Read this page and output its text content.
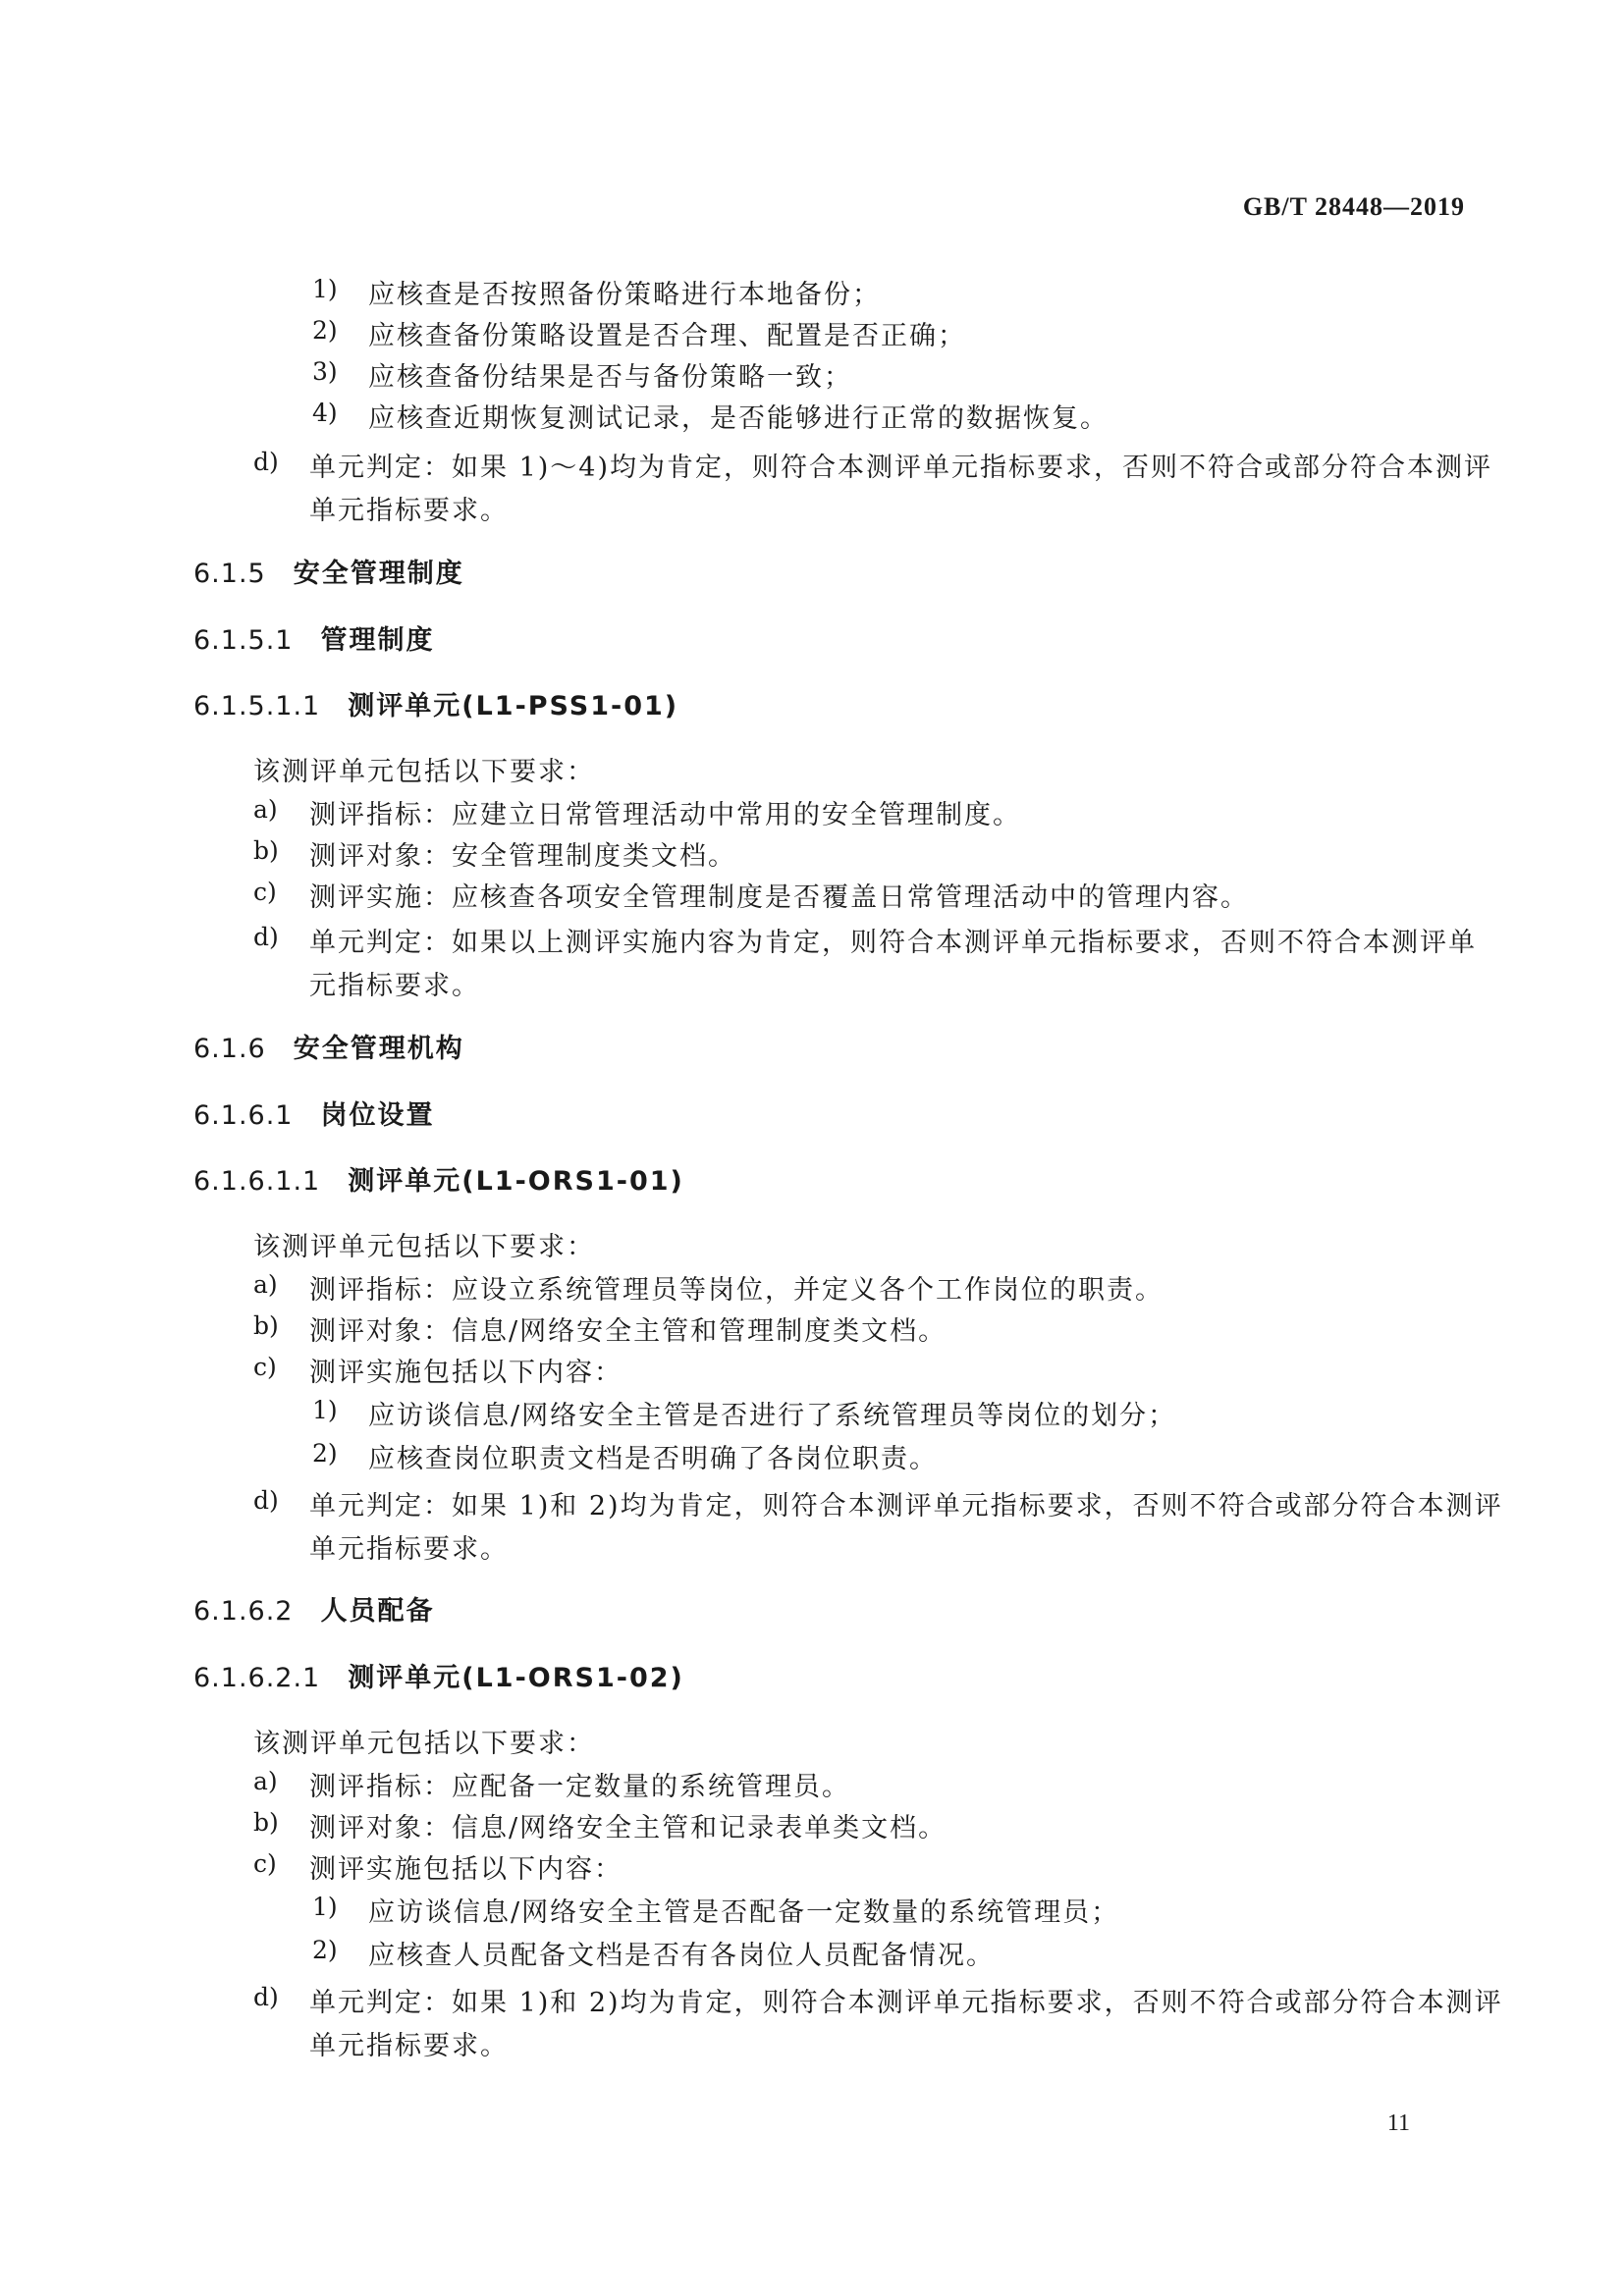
GB/T 28448—2019
1) 应核查是否按照备份策略进行本地备份；
2) 应核查备份策略设置是否合理、配置是否正确；
3) 应核查备份结果是否与备份策略一致；
4) 应核查近期恢复测试记录，是否能够进行正常的数据恢复。
d) 单元判定：如果 1)～4)均为肯定，则符合本测评单元指标要求，否则不符合或部分符合本测评
单元指标要求。
6.1.5 安全管理制度
6.1.5.1 管理制度
6.1.5.1.1 测评单元(L1-PSS1-01)
该测评单元包括以下要求：
a) 测评指标：应建立日常管理活动中常用的安全管理制度。
b) 测评对象：安全管理制度类文档。
c) 测评实施：应核查各项安全管理制度是否覆盖日常管理活动中的管理内容。
d) 单元判定：如果以上测评实施内容为肯定，则符合本测评单元指标要求，否则不符合本测评单
元指标要求。
6.1.6 安全管理机构
6.1.6.1 岗位设置
6.1.6.1.1 测评单元(L1-ORS1-01)
该测评单元包括以下要求：
a) 测评指标：应设立系统管理员等岗位，并定义各个工作岗位的职责。
b) 测评对象：信息/网络安全主管和管理制度类文档。
c) 测评实施包括以下内容：
1) 应访谈信息/网络安全主管是否进行了系统管理员等岗位的划分；
2) 应核查岗位职责文档是否明确了各岗位职责。
d) 单元判定：如果 1)和 2)均为肯定，则符合本测评单元指标要求，否则不符合或部分符合本测评
单元指标要求。
6.1.6.2 人员配备
6.1.6.2.1 测评单元(L1-ORS1-02)
该测评单元包括以下要求：
a) 测评指标：应配备一定数量的系统管理员。
b) 测评对象：信息/网络安全主管和记录表单类文档。
c) 测评实施包括以下内容：
1) 应访谈信息/网络安全主管是否配备一定数量的系统管理员；
2) 应核查人员配备文档是否有各岗位人员配备情况。
d) 单元判定：如果 1)和 2)均为肯定，则符合本测评单元指标要求，否则不符合或部分符合本测评
单元指标要求。
11
